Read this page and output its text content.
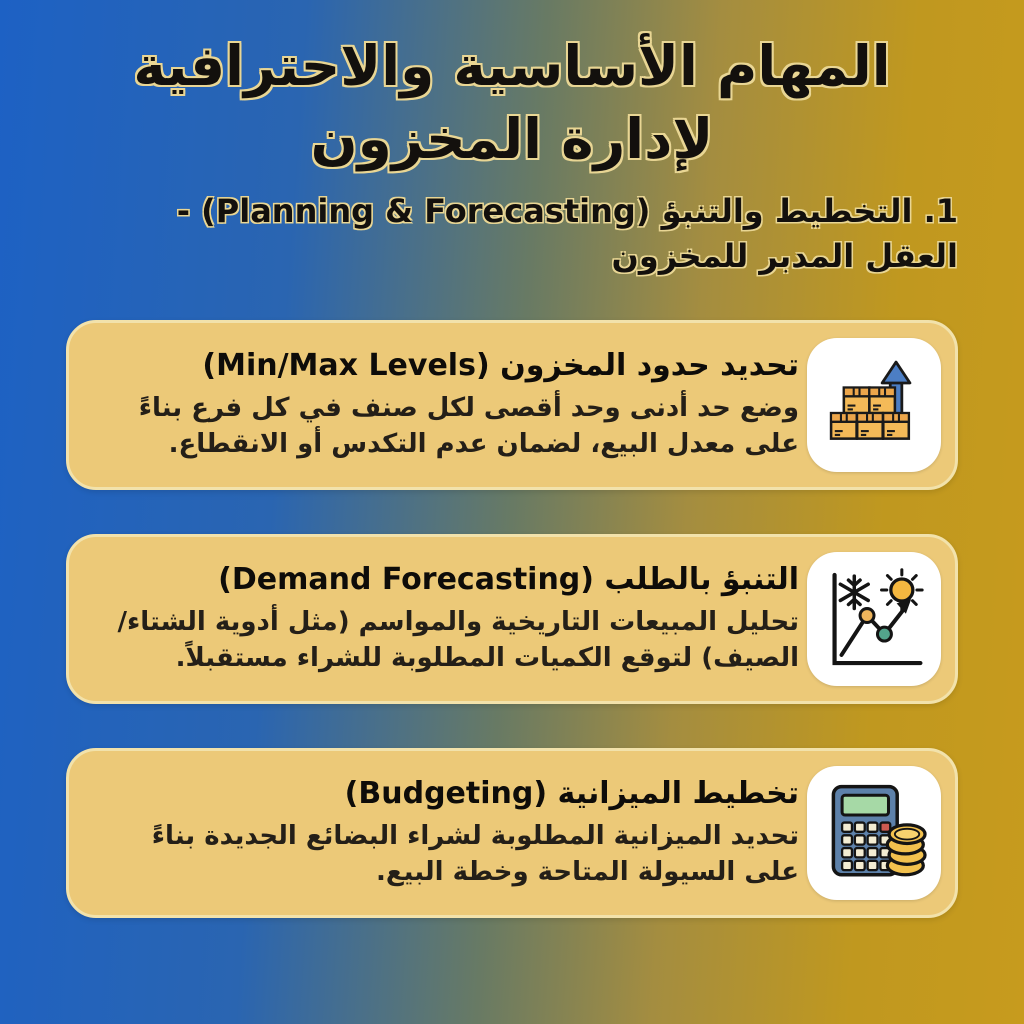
المهام الأساسية والاحترافية
لإدارة المخزون
1. التخطيط والتنبؤ (Planning & Forecasting) - العقل المدبر للمخزون
تحديد حدود المخزون (Min/Max Levels)

وضع حد أدنى وحد أقصى لكل صنف في كل فرع بناءً على معدل البيع، لضمان عدم التكدس أو الانقطاع.

التنبؤ بالطلب (Demand Forecasting)

تحليل المبيعات التاريخية والمواسم (مثل أدوية الشتاء/ الصيف) لتوقع الكميات المطلوبة للشراء مستقبلاً.

تخطيط الميزانية (Budgeting)

تحديد الميزانية المطلوبة لشراء البضائع الجديدة بناءً على السيولة المتاحة وخطة البيع.
